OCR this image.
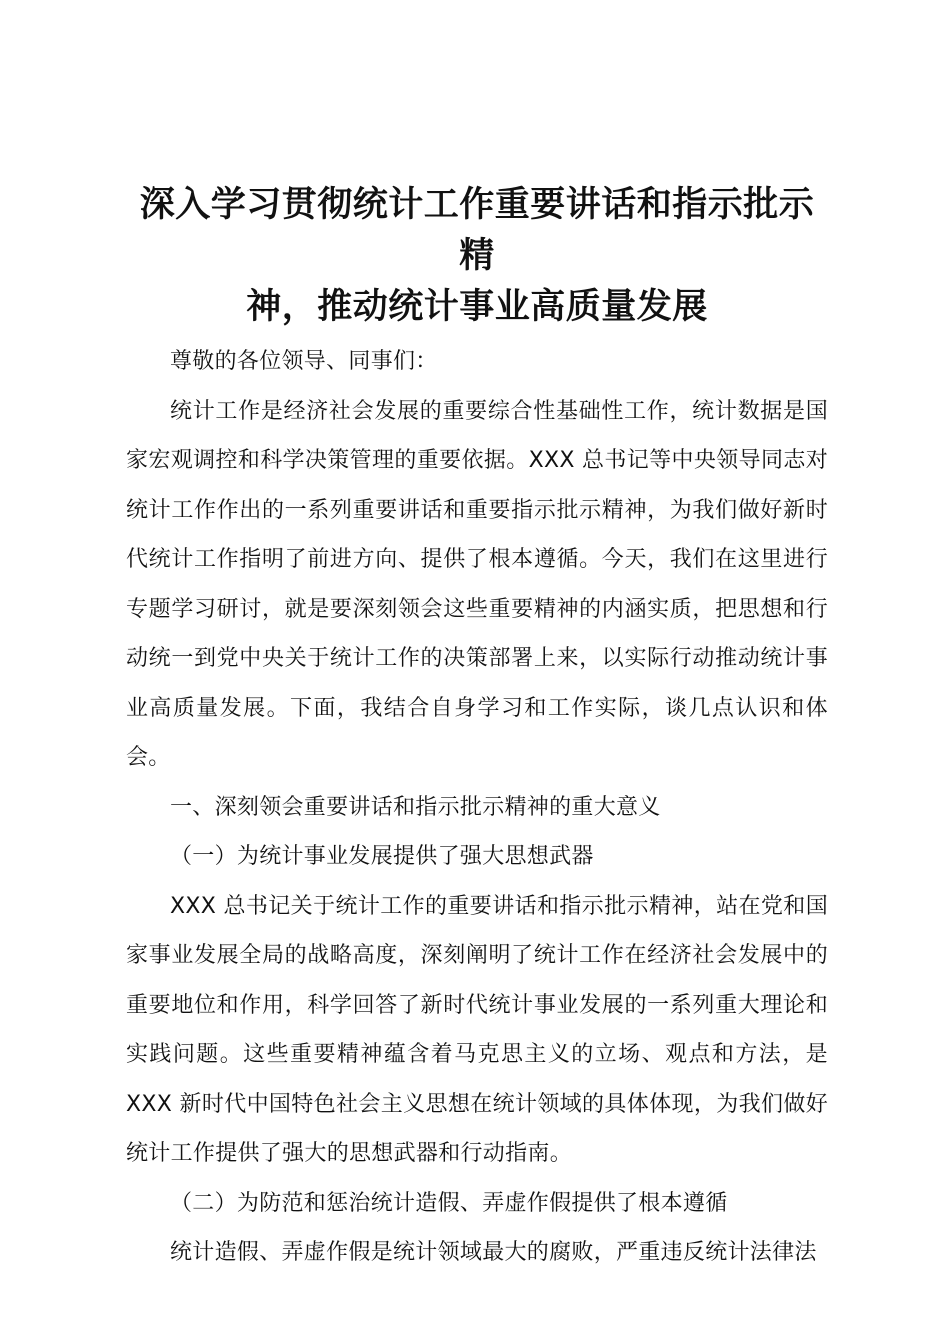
深入学习贯彻统计工作重要讲话和指示批示精
神，推动统计事业高质量发展

尊敬的各位领导、同事们：

统计工作是经济社会发展的重要综合性基础性工作，统计数据是国家宏观调控和科学决策管理的重要依据。XXX 总书记等中央领导同志对统计工作作出的一系列重要讲话和重要指示批示精神，为我们做好新时代统计工作指明了前进方向、提供了根本遵循。今天，我们在这里进行专题学习研讨，就是要深刻领会这些重要精神的内涵实质，把思想和行动统一到党中央关于统计工作的决策部署上来，以实际行动推动统计事业高质量发展。下面，我结合自身学习和工作实际，谈几点认识和体会。

一、深刻领会重要讲话和指示批示精神的重大意义

（一）为统计事业发展提供了强大思想武器

XXX 总书记关于统计工作的重要讲话和指示批示精神，站在党和国家事业发展全局的战略高度，深刻阐明了统计工作在经济社会发展中的重要地位和作用，科学回答了新时代统计事业发展的一系列重大理论和实践问题。这些重要精神蕴含着马克思主义的立场、观点和方法，是XXX 新时代中国特色社会主义思想在统计领域的具体体现，为我们做好统计工作提供了强大的思想武器和行动指南。

（二）为防范和惩治统计造假、弄虚作假提供了根本遵循

统计造假、弄虚作假是统计领域最大的腐败，严重违反统计法律法
